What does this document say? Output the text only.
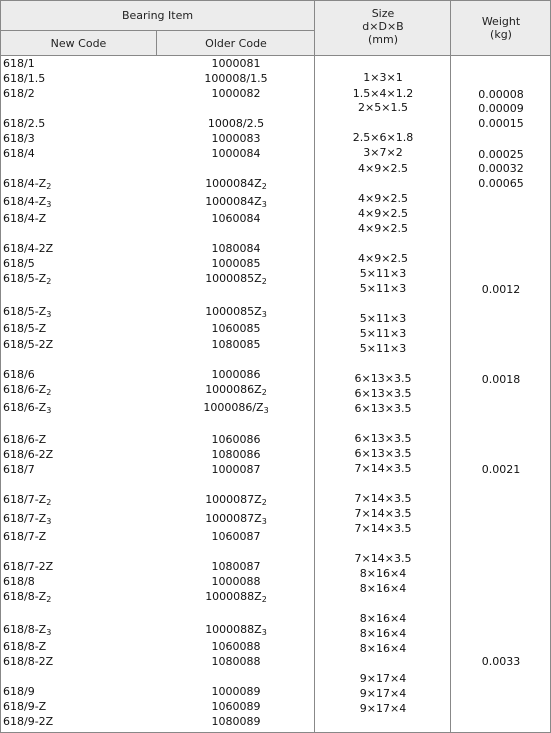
Bearing Item
New Code	Older Code
Size
d×D×B
(mm)
Weight
(kg)
618/1
618/1.5
618/2
618/2.5
618/3
618/4
$618/4-Z_2$
$618/4-Z_3$
618/4-Z
618/4-2Z
618/5
$618/5-Z_2$
$618/5-Z_3$
618/5-Z
618/5-2Z
618/6
$618/6-Z_2$
$618/6-Z_3$
618/6-Z
618/6-2Z
618/7
$618/7-Z_2$
$618/7-Z_3$
618/7-Z
618/7-2Z
618/8
$618/8-Z_2$
$618/8-Z_3$
618/8-Z
618/8-2Z
618/9
618/9-Z
618/9-2Z
1000081
100008/1.5
1000082
10008/2.5
1000083
1000084
$1000084Z_2$
$1000084Z_3$
1060084
1080084
1000085
$1000085Z_2$
$1000085Z_3$
1060085
1080085
1000086
$1000086Z_2$
$1000086/Z_3$
1060086
1080086
1000087
$1000087Z_2$
$1000087Z_3$
1060087
1080087
1000088
$1000088Z_2$
$1000088Z_3$
1060088
1080088
1000089
1060089
1080089
1×3×1
1.5×4×1.2
2×5×1.5
2.5×6×1.8
3×7×2
4×9×2.5
4×9×2.5
4×9×2.5
4×9×2.5
4×9×2.5
5×11×3
5×11×3
5×11×3
5×11×3
5×11×3
6×13×3.5
6×13×3.5
6×13×3.5
6×13×3.5
6×13×3.5
7×14×3.5
7×14×3.5
7×14×3.5
7×14×3.5
7×14×3.5
8×16×4
8×16×4
8×16×4
8×16×4
8×16×4
9×17×4
9×17×4
9×17×4
0.00008
0.00009
0.00015
0.00025
0.00032
0.00065
0.0012
0.0018
0.0021
0.0033
